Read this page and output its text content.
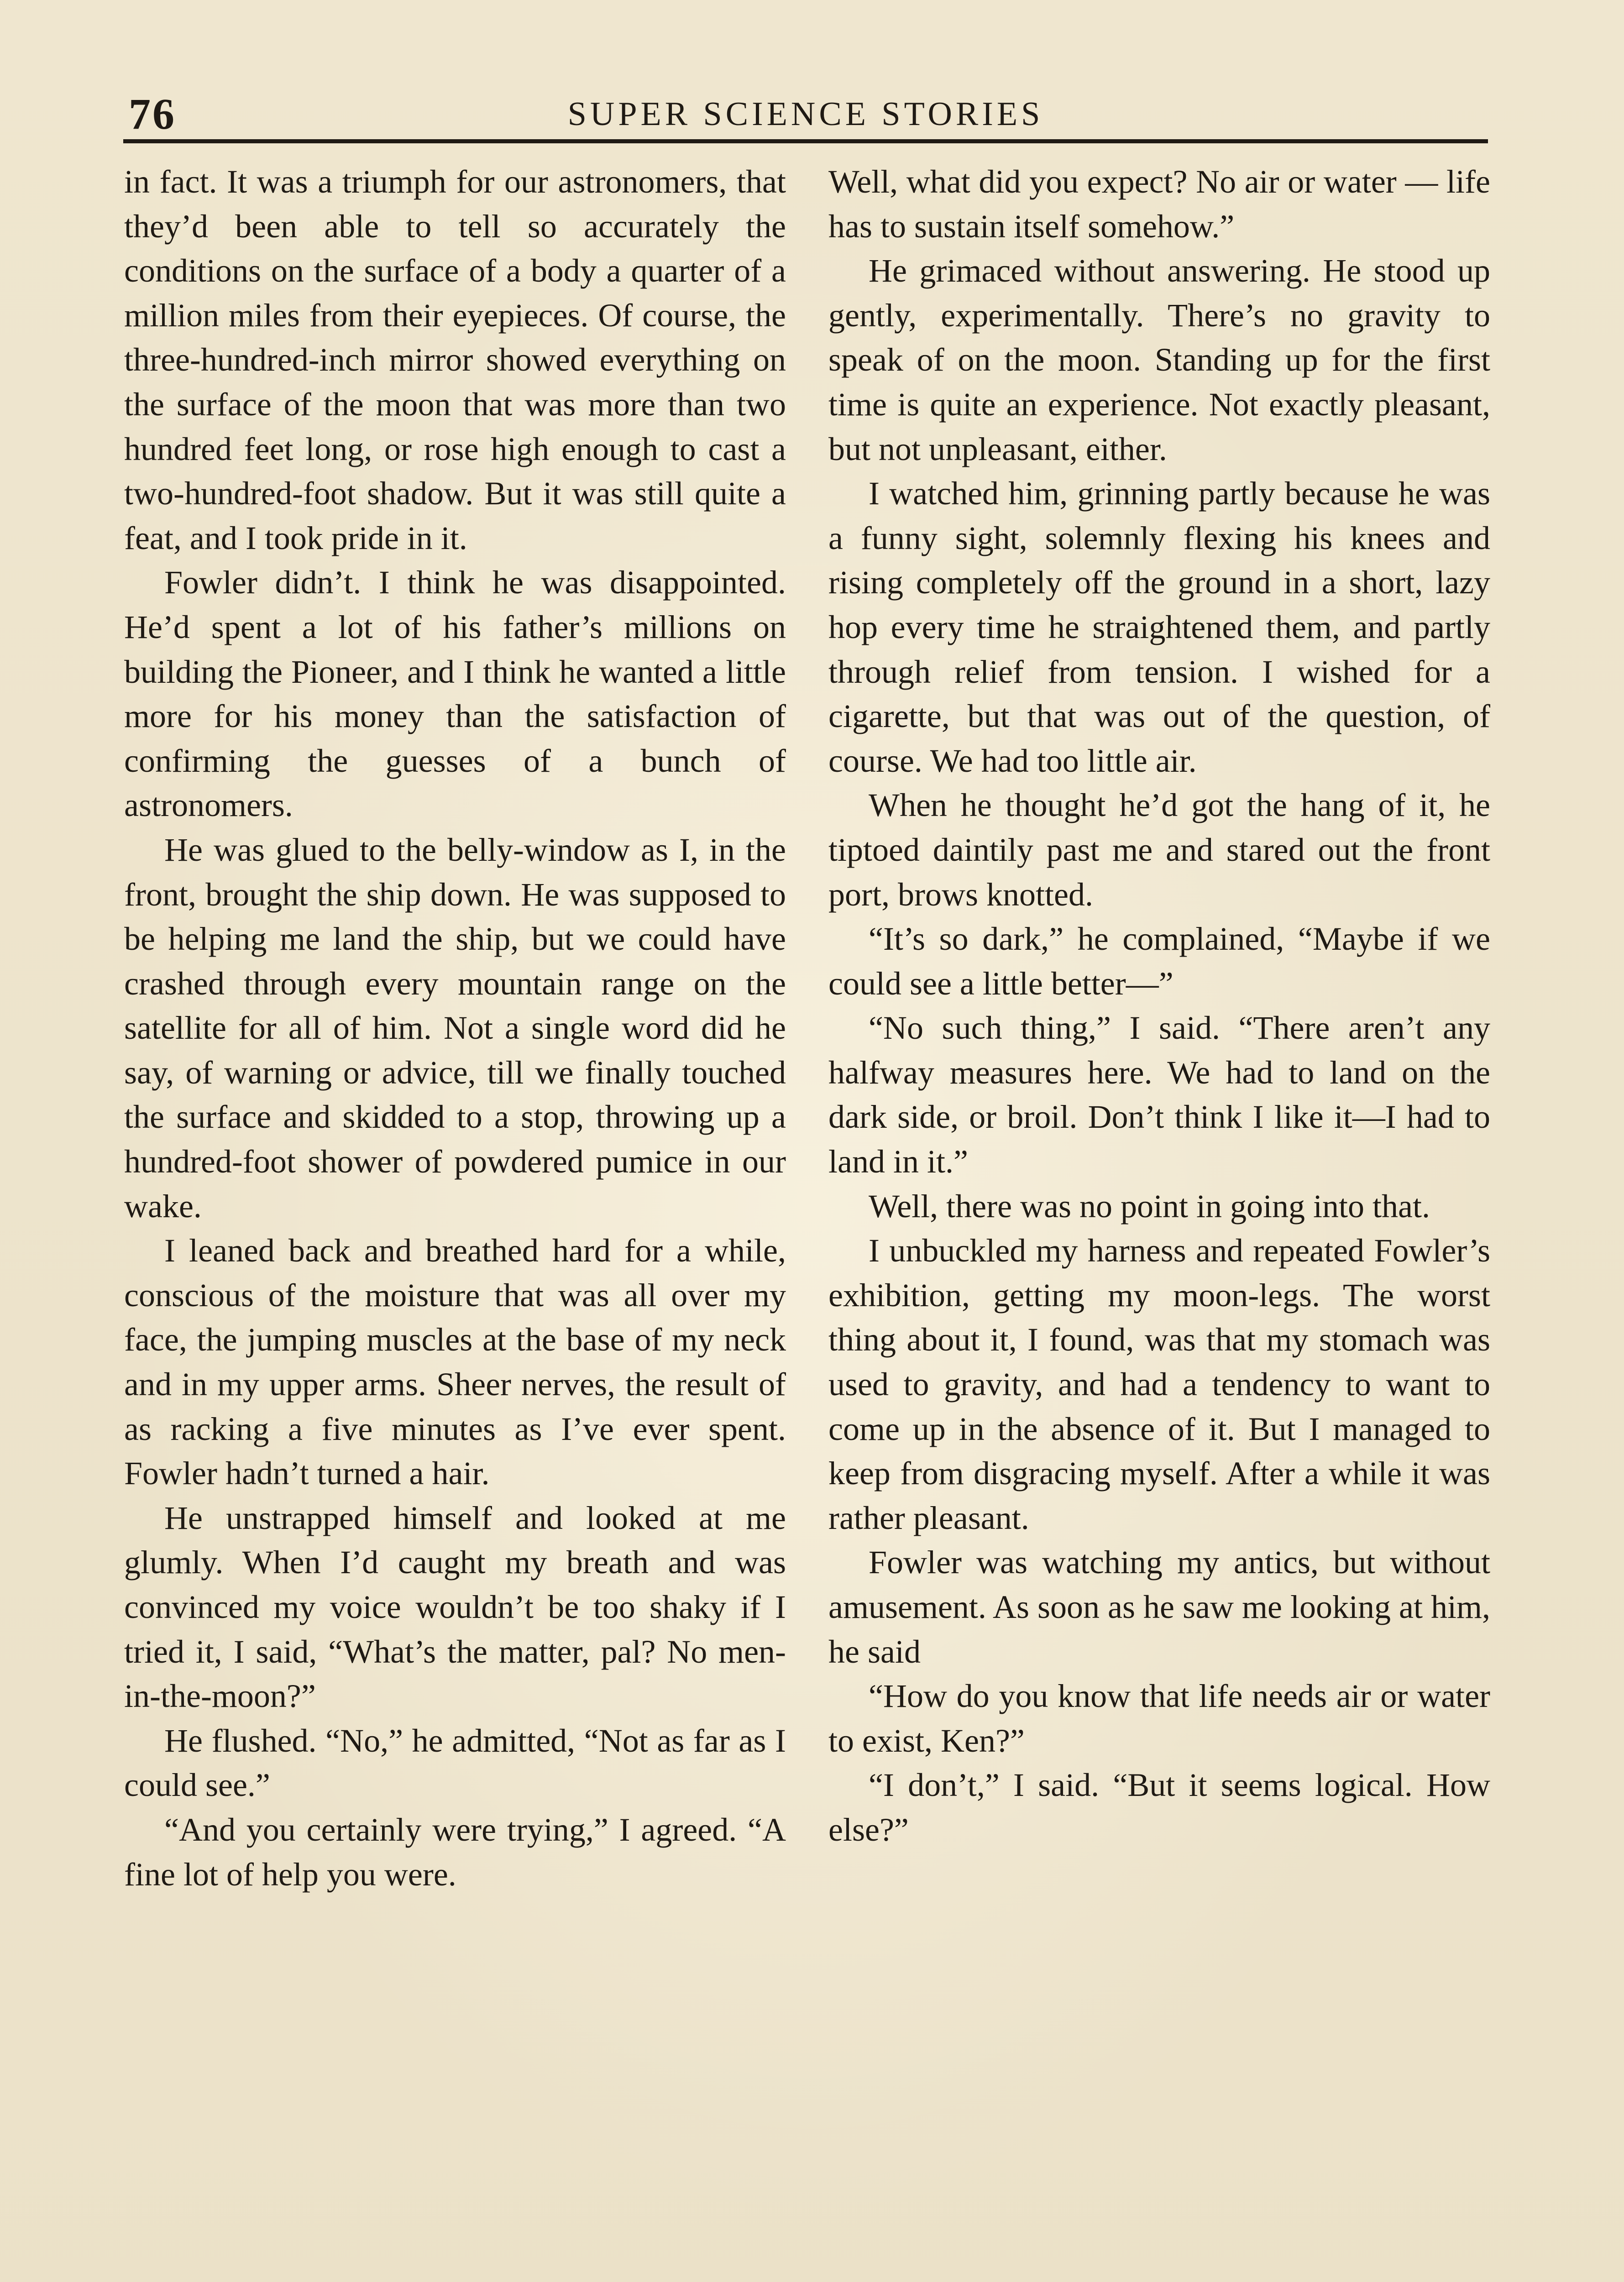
76	SUPER SCIENCE STORIES

in fact. It was a triumph for our astronomers, that they’d been able to tell so accurately the conditions on the surface of a body a quarter of a million miles from their eyepieces. Of course, the three-hundred-inch mirror showed everything on the surface of the moon that was more than two hundred feet long, or rose high enough to cast a two-hundred-foot shadow. But it was still quite a feat, and I took pride in it.

Fowler didn’t. I think he was disappointed. He’d spent a lot of his father’s millions on building the Pioneer, and I think he wanted a little more for his money than the satisfaction of confirming the guesses of a bunch of astronomers.

He was glued to the belly-window as I, in the front, brought the ship down. He was supposed to be helping me land the ship, but we could have crashed through every mountain range on the satellite for all of him. Not a single word did he say, of warning or advice, till we finally touched the surface and skidded to a stop, throwing up a hundred-foot shower of powdered pumice in our wake.

I leaned back and breathed hard for a while, conscious of the moisture that was all over my face, the jumping muscles at the base of my neck and in my upper arms. Sheer nerves, the result of as racking a five minutes as I’ve ever spent. Fowler hadn’t turned a hair.

He unstrapped himself and looked at me glumly. When I’d caught my breath and was convinced my voice wouldn’t be too shaky if I tried it, I said, “What’s the matter, pal? No men-in-the-moon?”

He flushed. “No,” he admitted, “Not as far as I could see.”

“And you certainly were trying,” I agreed. “A fine lot of help you were.

Well, what did you expect? No air or water — life has to sustain itself somehow.”

He grimaced without answering. He stood up gently, experimentally. There’s no gravity to speak of on the moon. Standing up for the first time is quite an experience. Not exactly pleasant, but not unpleasant, either.

I watched him, grinning partly because he was a funny sight, solemnly flexing his knees and rising completely off the ground in a short, lazy hop every time he straightened them, and partly through relief from tension. I wished for a cigarette, but that was out of the question, of course. We had too little air.

When he thought he’d got the hang of it, he tiptoed daintily past me and stared out the front port, brows knotted.

“It’s so dark,” he complained, “Maybe if we could see a little better—”

“No such thing,” I said. “There aren’t any halfway measures here. We had to land on the dark side, or broil. Don’t think I like it—I had to land in it.”

Well, there was no point in going into that.

I unbuckled my harness and repeated Fowler’s exhibition, getting my moon-legs. The worst thing about it, I found, was that my stomach was used to gravity, and had a tendency to want to come up in the absence of it. But I managed to keep from disgracing myself. After a while it was rather pleasant.

Fowler was watching my antics, but without amusement. As soon as he saw me looking at him, he said

“How do you know that life needs air or water to exist, Ken?”

“I don’t,” I said. “But it seems logical. How else?”
